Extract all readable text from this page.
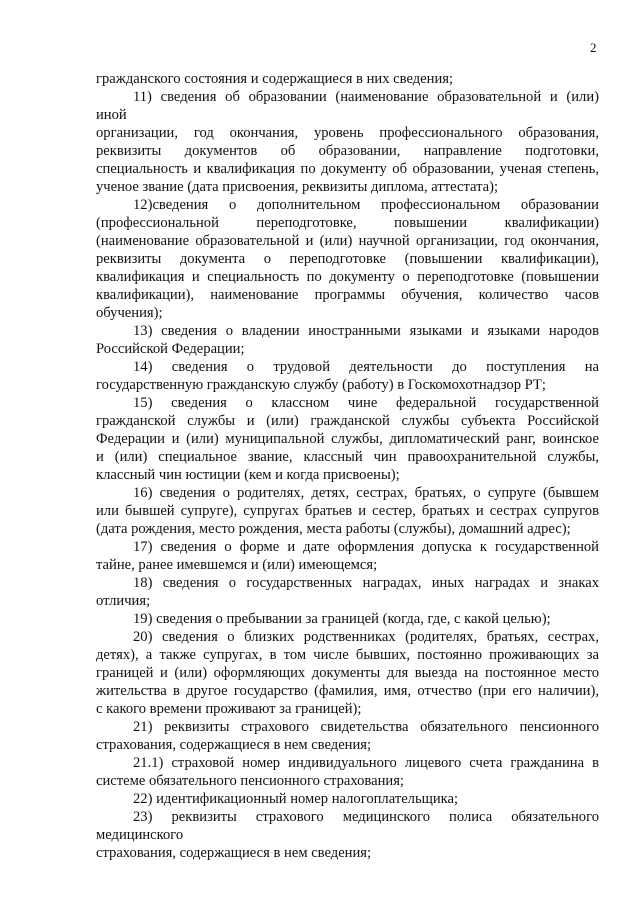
2
гражданского состояния и содержащиеся в них сведения;
11) сведения об образовании (наименование образовательной и (или)
иной
организации, год окончания, уровень профессионального образования,
реквизиты документов об образовании, направление подготовки,
специальность и квалификация по документу об образовании, ученая степень,
ученое звание (дата присвоения, реквизиты диплома, аттестата);
12)сведения о дополнительном профессиональном образовании
(профессиональной переподготовке, повышении квалификации)
(наименование образовательной и (или) научной организации, год окончания,
реквизиты документа о переподготовке (повышении квалификации),
квалификация и специальность по документу о переподготовке (повышении
квалификации), наименование программы обучения, количество часов
обучения);
13) сведения о владении иностранными языками и языками народов
Российской Федерации;
14) сведения о трудовой деятельности до поступления на
государственную гражданскую службу (работу) в Госкомохотнадзор РТ;
15) сведения о классном чине федеральной государственной
гражданской службы и (или) гражданской службы субъекта Российской
Федерации и (или) муниципальной службы, дипломатический ранг, воинское
и (или) специальное звание, классный чин правоохранительной службы,
классный чин юстиции (кем и когда присвоены);
16) сведения о родителях, детях, сестрах, братьях, о супруге (бывшем
или бывшей супруге), супругах братьев и сестер, братьях и сестрах супругов
(дата рождения, место рождения, места работы (службы), домашний адрес);
17) сведения о форме и дате оформления допуска к государственной
тайне, ранее имевшемся и (или) имеющемся;
18) сведения о государственных наградах, иных наградах и знаках
отличия;
19) сведения о пребывании за границей (когда, где, с какой целью);
20) сведения о близких родственниках (родителях, братьях, сестрах,
детях), а также супругах, в том числе бывших, постоянно проживающих за
границей и (или) оформляющих документы для выезда на постоянное место
жительства в другое государство (фамилия, имя, отчество (при его наличии),
с какого времени проживают за границей);
21) реквизиты страхового свидетельства обязательного пенсионного
страхования, содержащиеся в нем сведения;
21.1) страховой номер индивидуального лицевого счета гражданина в
системе обязательного пенсионного страхования;
22) идентификационный номер налогоплательщика;
23) реквизиты страхового медицинского полиса обязательного
медицинского
страхования, содержащиеся в нем сведения;
